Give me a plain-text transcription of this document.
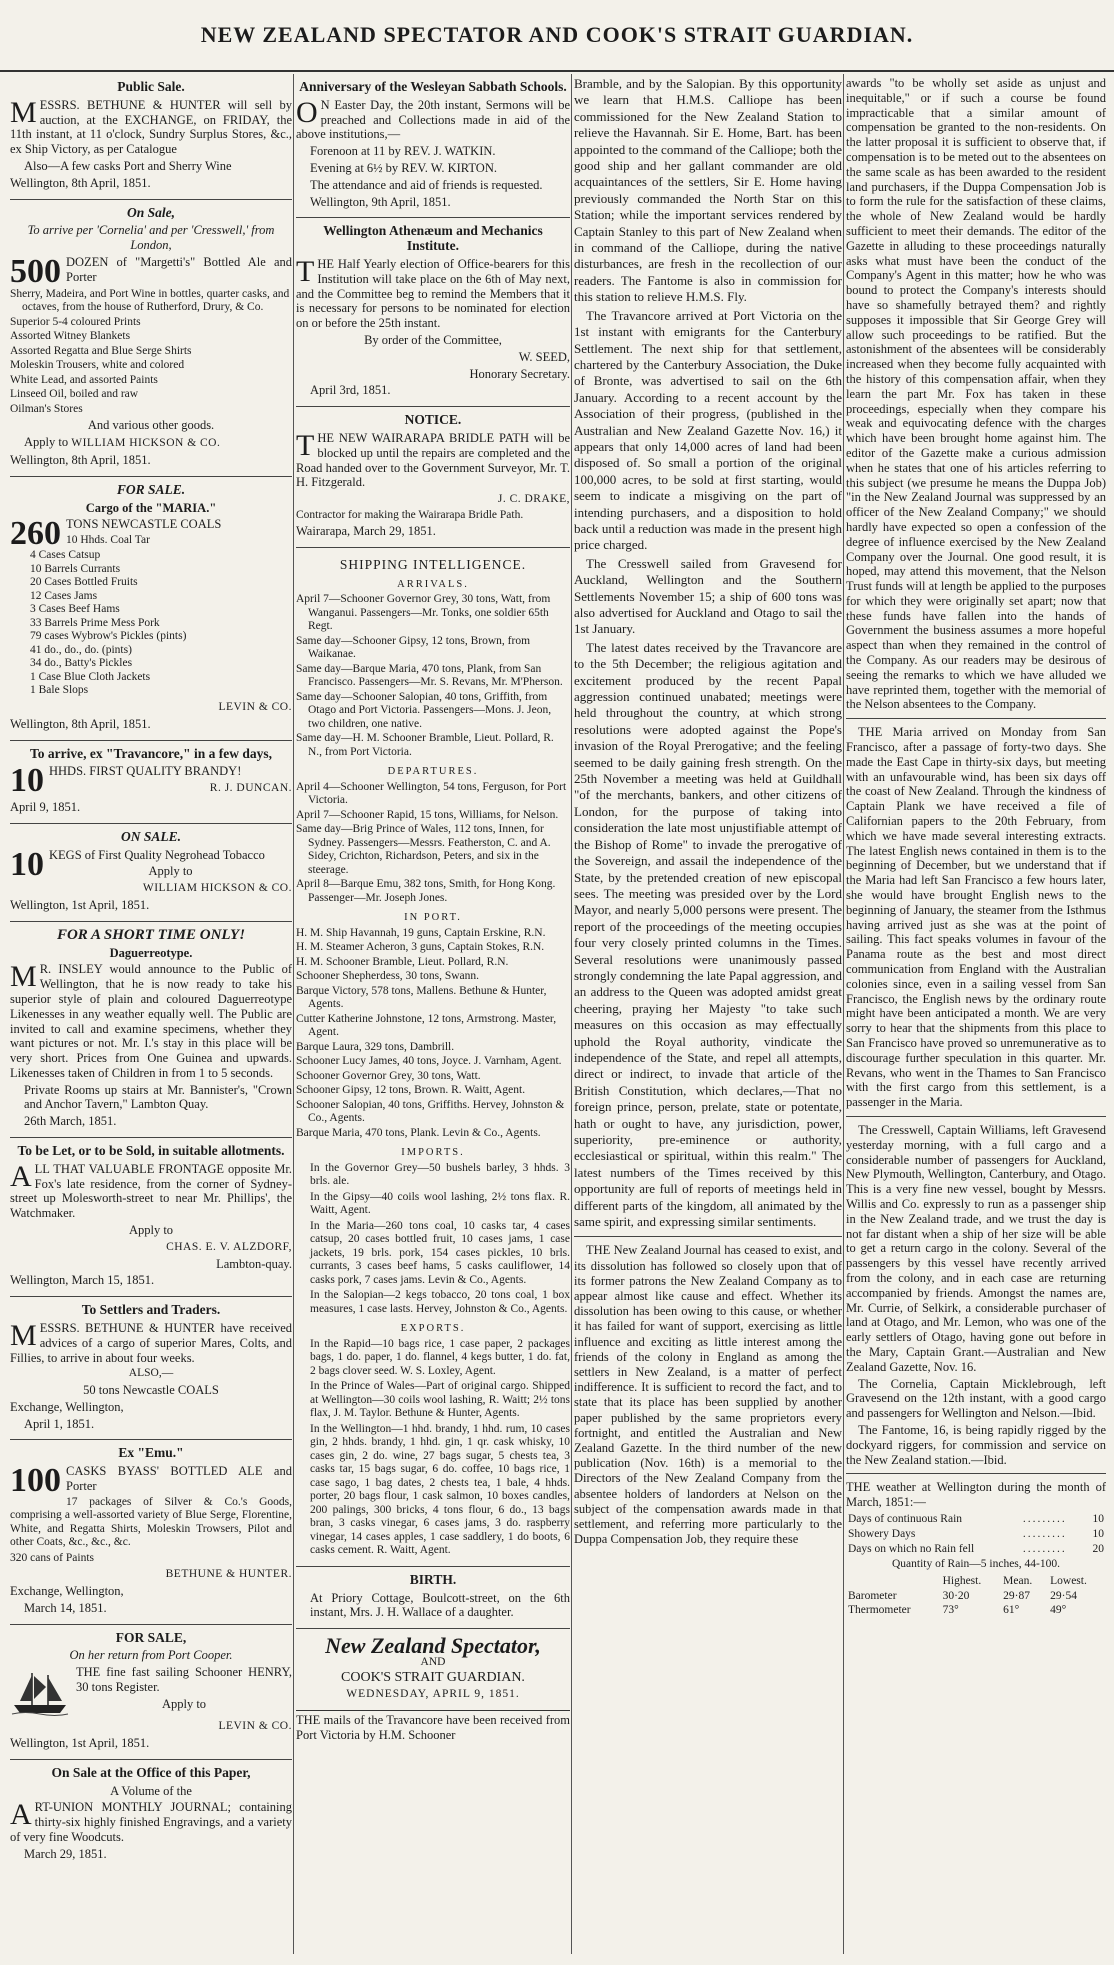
NEW ZEALAND SPECTATOR AND COOK'S STRAIT GUARDIAN.
Public Sale.

MESSRS. BETHUNE & HUNTER will sell by auction, at the EXCHANGE, on FRIDAY, the 11th instant, at 11 o'clock, Sundry Surplus Stores, &c., ex Ship Victory, as per Catalogue

Also—A few casks Port and Sherry Wine

Wellington, 8th April, 1851.

On Sale,

To arrive per 'Cornelia' and per 'Cresswell,' from London,

500 DOZEN of "Margetti's" Bottled Ale and Porter

Sherry, Madeira, and Port Wine in bottles, quarter casks, and octaves, from the house of Rutherford, Drury, & Co.
Superior 5-4 coloured Prints
Assorted Witney Blankets
Assorted Regatta and Blue Serge Shirts
Moleskin Trousers, white and colored
White Lead, and assorted Paints
Linseed Oil, boiled and raw
Oilman's Stores

And various other goods.

Apply to WILLIAM HICKSON & CO.

Wellington, 8th April, 1851.

FOR SALE.

Cargo of the "MARIA."

260 TONS NEWCASTLE COALS

10 Hhds. Coal Tar
4 Cases Catsup
10 Barrels Currants
20 Cases Bottled Fruits
12 Cases Jams
3 Cases Beef Hams
33 Barrels Prime Mess Pork
79 cases Wybrow's Pickles (pints)
41 do., do., do. (pints)
34 do., Batty's Pickles
1 Case Blue Cloth Jackets
1 Bale Slops

LEVIN & CO.

Wellington, 8th April, 1851.

To arrive, ex "Travancore," in a few days,

10 HHDS. FIRST QUALITY BRANDY!

R. J. DUNCAN.

April 9, 1851.

ON SALE.

10 KEGS of First Quality Negrohead Tobacco

Apply to

WILLIAM HICKSON & CO.

Wellington, 1st April, 1851.

FOR A SHORT TIME ONLY!

Daguerreotype.

M R. INSLEY would announce to the Public of Wellington, that he is now ready to take his superior style of plain and coloured Daguerreotype Likenesses in any weather equally well. The Public are invited to call and examine specimens, whether they want pictures or not. Mr. I.'s stay in this place will be very short. Prices from One Guinea and upwards. Likenesses taken of Children in from 1 to 5 seconds.

Private Rooms up stairs at Mr. Bannister's, "Crown and Anchor Tavern," Lambton Quay.

26th March, 1851.

To be Let, or to be Sold, in suitable allotments.

ALL THAT VALUABLE FRONTAGE opposite Mr. Fox's late residence, from the corner of Sydney-street up Molesworth-street to near Mr. Phillips', the Watchmaker.

Apply to

CHAS. E. V. ALZDORF,

Lambton-quay.

Wellington, March 15, 1851.

To Settlers and Traders.

MESSRS. BETHUNE & HUNTER have received advices of a cargo of superior Mares, Colts, and Fillies, to arrive in about four weeks.

ALSO,—

50 tons Newcastle COALS

Exchange, Wellington,

April 1, 1851.

Ex "Emu."

100 CASKS BYASS' BOTTLED ALE and Porter

17 packages of Silver & Co.'s Goods, comprising a well-assorted variety of Blue Serge, Florentine, White, and Regatta Shirts, Moleskin Trowsers, Pilot and other Coats, &c., &c., &c.

320 cans of Paints

BETHUNE & HUNTER.

Exchange, Wellington,

March 14, 1851.

FOR SALE,

On her return from Port Cooper.

THE fine fast sailing Schooner HENRY, 30 tons Register.

Apply to

LEVIN & CO.

Wellington, 1st April, 1851.

On Sale at the Office of this Paper,

A Volume of the

ART-UNION MONTHLY JOURNAL; containing thirty-six highly finished Engravings, and a variety of very fine Woodcuts.

March 29, 1851.

Anniversary of the Wesleyan Sabbath Schools.

O N Easter Day, the 20th instant, Sermons will be preached and Collections made in aid of the above institutions,—

Forenoon at 11 by REV. J. WATKIN.

Evening at 6½ by REV. W. KIRTON.

The attendance and aid of friends is requested.

Wellington, 9th April, 1851.

Wellington Athenæum and Mechanics Institute.

THE Half Yearly election of Office-bearers for this Institution will take place on the 6th of May next, and the Committee beg to remind the Members that it is necessary for persons to be nominated for election on or before the 25th instant.

By order of the Committee,

W. SEED,

Honorary Secretary.

April 3rd, 1851.

NOTICE.

THE NEW WAIRARAPA BRIDLE PATH will be blocked up until the repairs are completed and the Road handed over to the Government Surveyor, Mr. T. H. Fitzgerald.

J. C. DRAKE,

Contractor for making the Wairarapa Bridle Path.

Wairarapa, March 29, 1851.

SHIPPING INTELLIGENCE.
ARRIVALS.
April 7—Schooner Governor Grey, 30 tons, Watt, from Wanganui. Passengers—Mr. Tonks, one soldier 65th Regt.
Same day—Schooner Gipsy, 12 tons, Brown, from Waikanae.
Same day—Barque Maria, 470 tons, Plank, from San Francisco. Passengers—Mr. S. Revans, Mr. M'Pherson.
Same day—Schooner Salopian, 40 tons, Griffith, from Otago and Port Victoria. Passengers—Mons. J. Jeon, two children, one native.
Same day—H. M. Schooner Bramble, Lieut. Pollard, R. N., from Port Victoria.
DEPARTURES.
April 4—Schooner Wellington, 54 tons, Ferguson, for Port Victoria.
April 7—Schooner Rapid, 15 tons, Williams, for Nelson.
Same day—Brig Prince of Wales, 112 tons, Innen, for Sydney. Passengers—Messrs. Featherston, C. and A. Sidey, Crichton, Richardson, Peters, and six in the steerage.
April 8—Barque Emu, 382 tons, Smith, for Hong Kong. Passenger—Mr. Joseph Jones.
IN PORT.
H. M. Ship Havannah, 19 guns, Captain Erskine, R.N.
H. M. Steamer Acheron, 3 guns, Captain Stokes, R.N.
H. M. Schooner Bramble, Lieut. Pollard, R.N.
Schooner Shepherdess, 30 tons, Swann.
Barque Victory, 578 tons, Mallens. Bethune & Hunter, Agents.
Cutter Katherine Johnstone, 12 tons, Armstrong. Master, Agent.
Barque Laura, 329 tons, Dambrill.
Schooner Lucy James, 40 tons, Joyce. J. Varnham, Agent.
Schooner Governor Grey, 30 tons, Watt.
Schooner Gipsy, 12 tons, Brown. R. Waitt, Agent.
Schooner Salopian, 40 tons, Griffiths. Hervey, Johnston & Co., Agents.
Barque Maria, 470 tons, Plank. Levin & Co., Agents.
IMPORTS.

In the Governor Grey—50 bushels barley, 3 hhds. 3 brls. ale.

In the Gipsy—40 coils wool lashing, 2½ tons flax. R. Waitt, Agent.

In the Maria—260 tons coal, 10 casks tar, 4 cases catsup, 20 cases bottled fruit, 10 cases jams, 1 case jackets, 19 brls. pork, 154 cases pickles, 10 brls. currants, 3 cases beef hams, 5 casks cauliflower, 14 casks pork, 7 cases jams. Levin & Co., Agents.

In the Salopian—2 kegs tobacco, 20 tons coal, 1 box measures, 1 case lasts. Hervey, Johnston & Co., Agents.

EXPORTS.

In the Rapid—10 bags rice, 1 case paper, 2 packages bags, 1 do. paper, 1 do. flannel, 4 kegs butter, 1 do. fat, 2 bags clover seed. W. S. Loxley, Agent.

In the Prince of Wales—Part of original cargo. Shipped at Wellington—30 coils wool lashing, R. Waitt; 2½ tons flax, J. M. Taylor. Bethune & Hunter, Agents.

In the Wellington—1 hhd. brandy, 1 hhd. rum, 10 cases gin, 2 hhds. brandy, 1 hhd. gin, 1 qr. cask whisky, 10 cases gin, 2 do. wine, 27 bags sugar, 5 chests tea, 3 casks tar, 15 bags sugar, 6 do. coffee, 10 bags rice, 1 case sago, 1 bag dates, 2 chests tea, 1 bale, 4 hhds. porter, 20 bags flour, 1 cask salmon, 10 boxes candles, 200 palings, 300 bricks, 4 tons flour, 6 do., 13 bags bran, 3 casks vinegar, 6 cases jams, 3 do. raspberry vinegar, 14 cases apples, 1 case saddlery, 1 do boots, 6 casks cement. R. Waitt, Agent.

BIRTH.

At Priory Cottage, Boulcott-street, on the 6th instant, Mrs. J. H. Wallace of a daughter.

New Zealand Spectator,

AND

COOK'S STRAIT GUARDIAN.

WEDNESDAY, APRIL 9, 1851.

THE mails of the Travancore have been received from Port Victoria by H.M. Schooner

Bramble, and by the Salopian. By this opportunity we learn that H.M.S. Calliope has been commissioned for the New Zealand Station to relieve the Havannah. Sir E. Home, Bart. has been appointed to the command of the Calliope; both the good ship and her gallant commander are old acquaintances of the settlers, Sir E. Home having previously commanded the North Star on this Station; while the important services rendered by Captain Stanley to this part of New Zealand when in command of the Calliope, during the native disturbances, are fresh in the recollection of our readers. The Fantome is also in commission for this station to relieve H.M.S. Fly.

The Travancore arrived at Port Victoria on the 1st instant with emigrants for the Canterbury Settlement. The next ship for that settlement, chartered by the Canterbury Association, the Duke of Bronte, was advertised to sail on the 6th January. According to a recent account by the Association of their progress, (published in the Australian and New Zealand Gazette Nov. 16,) it appears that only 14,000 acres of land had been disposed of. So small a portion of the original 100,000 acres, to be sold at first starting, would seem to indicate a misgiving on the part of intending purchasers, and a disposition to hold back until a reduction was made in the present high price charged.

The Cresswell sailed from Gravesend for Auckland, Wellington and the Southern Settlements November 15; a ship of 600 tons was also advertised for Auckland and Otago to sail the 1st January.

The latest dates received by the Travancore are to the 5th December; the religious agitation and excitement produced by the recent Papal aggression continued unabated; meetings were held throughout the country, at which strong resolutions were adopted against the Pope's invasion of the Royal Prerogative; and the feeling seemed to be daily gaining fresh strength. On the 25th November a meeting was held at Guildhall "of the merchants, bankers, and other citizens of London, for the purpose of taking into consideration the late most unjustifiable attempt of the Bishop of Rome" to invade the prerogative of the Sovereign, and assail the independence of the State, by the pretended creation of new episcopal sees. The meeting was presided over by the Lord Mayor, and nearly 5,000 persons were present. The report of the proceedings of the meeting occupies four very closely printed columns in the Times. Several resolutions were unanimously passed strongly condemning the late Papal aggression, and an address to the Queen was adopted amidst great cheering, praying her Majesty "to take such measures on this occasion as may effectually uphold the Royal authority, vindicate the independence of the State, and repel all attempts, direct or indirect, to invade that article of the British Constitution, which declares,—That no foreign prince, person, prelate, state or potentate, hath or ought to have, any jurisdiction, power, superiority, pre-eminence or authority, ecclesiastical or spiritual, within this realm." The latest numbers of the Times received by this opportunity are full of reports of meetings held in different parts of the kingdom, all animated by the same spirit, and expressing similar sentiments.

THE New Zealand Journal has ceased to exist, and its dissolution has followed so closely upon that of its former patrons the New Zealand Company as to appear almost like cause and effect. Whether its dissolution has been owing to this cause, or whether it has failed for want of support, exercising as little influence and exciting as little interest among the friends of the colony in England as among the settlers in New Zealand, is a matter of perfect indifference. It is sufficient to record the fact, and to state that its place has been supplied by another paper published by the same proprietors every fortnight, and entitled the Australian and New Zealand Gazette. In the third number of the new publication (Nov. 16th) is a memorial to the Directors of the New Zealand Company from the absentee holders of landorders at Nelson on the subject of the compensation awards made in that settlement, and referring more particularly to the Duppa Compensation Job, they require these

awards "to be wholly set aside as unjust and inequitable," or if such a course be found impracticable that a similar amount of compensation be granted to the non-residents. On the latter proposal it is sufficient to observe that, if compensation is to be meted out to the absentees on the same scale as has been awarded to the resident land purchasers, if the Duppa Compensation Job is to form the rule for the satisfaction of these claims, the whole of New Zealand would be hardly sufficient to meet their demands. The editor of the Gazette in alluding to these proceedings naturally asks what must have been the conduct of the Company's Agent in this matter; how he who was bound to protect the Company's interests should have so shamefully betrayed them? and rightly supposes it impossible that Sir George Grey will allow such proceedings to be ratified. But the astonishment of the absentees will be considerably increased when they become fully acquainted with the history of this compensation affair, when they learn the part Mr. Fox has taken in these proceedings, especially when they compare his weak and equivocating defence with the charges which have been brought home against him. The editor of the Gazette make a curious admission when he states that one of his articles referring to this subject (we presume he means the Duppa Job) "in the New Zealand Journal was suppressed by an officer of the New Zealand Company;" we should hardly have expected so open a confession of the degree of influence exercised by the New Zealand Company over the Journal. One good result, it is hoped, may attend this movement, that the Nelson Trust funds will at length be applied to the purposes for which they were originally set apart; now that these funds have fallen into the hands of Government the business assumes a more hopeful aspect than when they remained in the control of the Company. As our readers may be desirous of seeing the remarks to which we have alluded we have reprinted them, together with the memorial of the Nelson absentees to the Company.

THE Maria arrived on Monday from San Francisco, after a passage of forty-two days. She made the East Cape in thirty-six days, but meeting with an unfavourable wind, has been six days off the coast of New Zealand. Through the kindness of Captain Plank we have received a file of Californian papers to the 20th February, from which we have made several interesting extracts. The latest English news contained in them is to the beginning of December, but we understand that if the Maria had left San Francisco a few hours later, she would have brought English news to the beginning of January, the steamer from the Isthmus having arrived just as she was at the point of sailing. This fact speaks volumes in favour of the Panama route as the best and most direct communication from England with the Australian colonies since, even in a sailing vessel from San Francisco, the English news by the ordinary route might have been anticipated a month. We are very sorry to hear that the shipments from this place to San Francisco have proved so unremunerative as to discourage further speculation in this quarter. Mr. Revans, who went in the Thames to San Francisco with the first cargo from this settlement, is a passenger in the Maria.

The Cresswell, Captain Williams, left Gravesend yesterday morning, with a full cargo and a considerable number of passengers for Auckland, New Plymouth, Wellington, Canterbury, and Otago. This is a very fine new vessel, bought by Messrs. Willis and Co. expressly to run as a passenger ship in the New Zealand trade, and we trust the day is not far distant when a ship of her size will be able to get a return cargo in the colony. Several of the passengers by this vessel have recently arrived from the colony, and in each case are returning accompanied by friends. Amongst the names are, Mr. Currie, of Selkirk, a considerable purchaser of land at Otago, and Mr. Lemon, who was one of the early settlers of Otago, having gone out before in the Mary, Captain Grant.—Australian and New Zealand Gazette, Nov. 16.

The Cornelia, Captain Micklebrough, left Gravesend on the 12th instant, with a good cargo and passengers for Wellington and Nelson.—Ibid.

The Fantome, 16, is being rapidly rigged by the dockyard riggers, for commission and service on the New Zealand station.—Ibid.

THE weather at Wellington during the month of March, 1851:—

Days of continuous Rain	.........	10
Showery Days	.........	10
Days on which no Rain fell	.........	20

Quantity of Rain—5 inches, 44-100.

	Highest.	Mean.	Lowest.
Barometer	30·20	29·87	29·54
Thermometer	73°	61°	49°
